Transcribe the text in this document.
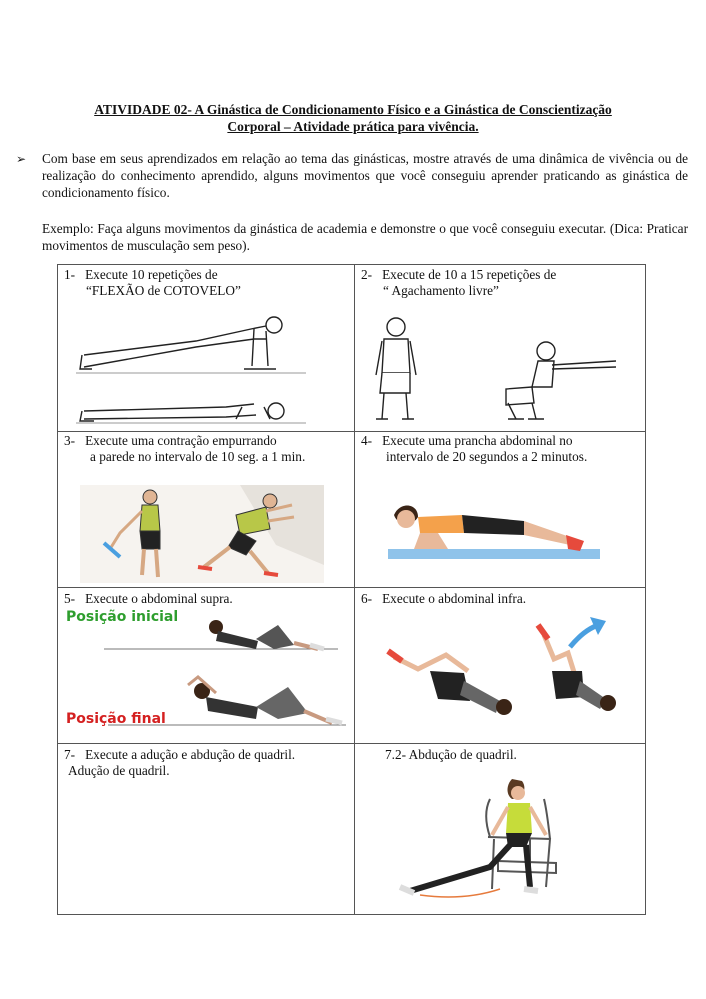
ATIVIDADE 02- A Ginástica de Condicionamento Físico e a Ginástica de Conscientização
Corporal – Atividade prática para vivência.
➢ Com base em seus aprendizados em relação ao tema das ginásticas, mostre através de uma dinâmica de vivência ou de realização do conhecimento aprendido, alguns movimentos que você conseguiu aprender praticando as ginástica de condicionamento físico.
Exemplo: Faça alguns movimentos da ginástica de academia e demonstre o que você conseguiu executar. (Dica: Praticar movimentos de musculação sem peso).
1- Execute 10 repetições de
“FLEXÃO de COTOVELO”
2- Execute de 10 a 15 repetições de
“ Agachamento livre”
3- Execute uma contração empurrando
a parede no intervalo de 10 seg. a 1 min.
4- Execute uma prancha abdominal no
intervalo de 20 segundos a 2 minutos.
5- Execute o abdominal supra.
Posição inicial
Posição final
6- Execute o abdominal infra.
7- Execute a adução e abdução de quadril.
Adução de quadril.
7.2- Abdução de quadril.
